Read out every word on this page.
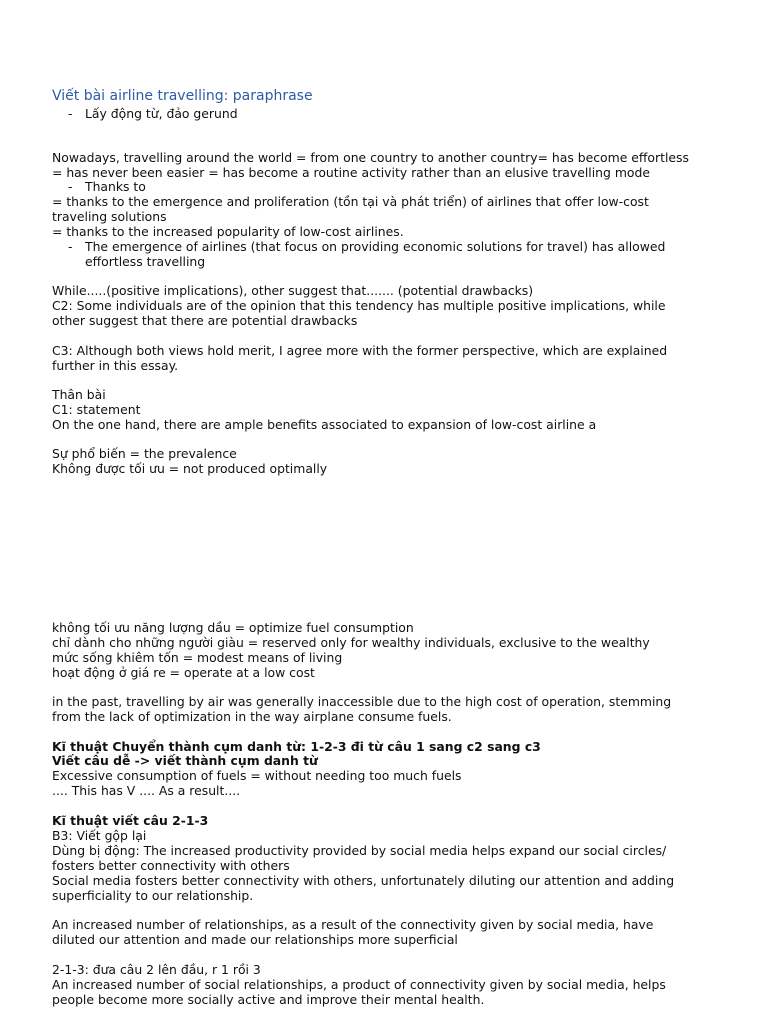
Viết bài airline travelling: paraphrase
- Lấy động từ, đảo gerund
Nowadays, travelling around the world = from one country to another country= has become effortless
= has never been easier = has become a routine activity rather than an elusive travelling mode
- Thanks to
= thanks to the emergence and proliferation (tồn tại và phát triển) of airlines that offer low-cost
traveling solutions
= thanks to the increased popularity of low-cost airlines.
- The emergence of airlines (that focus on providing economic solutions for travel) has allowed
effortless travelling
While.....(positive implications), other suggest that....... (potential drawbacks)
C2: Some individuals are of the opinion that this tendency has multiple positive implications, while
other suggest that there are potential drawbacks
C3: Although both views hold merit, I agree more with the former perspective, which are explained
further in this essay.
Thân bài
C1: statement
On the one hand, there are ample benefits associated to expansion of low-cost airline a
Sự phổ biến = the prevalence
Không được tối ưu = not produced optimally
không tối ưu năng lượng dầu = optimize fuel consumption
chỉ dành cho những người giàu = reserved only for wealthy individuals, exclusive to the wealthy
mức sống khiêm tốn = modest means of living
hoạt động ở giá re = operate at a low cost
in the past, travelling by air was generally inaccessible due to the high cost of operation, stemming
from the lack of optimization in the way airplane consume fuels.
Kĩ thuật Chuyển thành cụm danh từ: 1-2-3 đi từ câu 1 sang c2 sang c3
Viết câu dễ -> viết thành cụm danh từ
Excessive consumption of fuels = without needing too much fuels
.... This has V .... As a result....
Kĩ thuật viết câu 2-1-3
B3: Viết gộp lại
Dùng bị động: The increased productivity provided by social media helps expand our social circles/
fosters better connectivity with others
Social media fosters better connectivity with others, unfortunately diluting our attention and adding
superficiality to our relationship.
An increased number of relationships, as a result of the connectivity given by social media, have
diluted our attention and made our relationships more superficial
2-1-3: đưa câu 2 lên đầu, r 1 rồi 3
An increased number of social relationships, a product of connectivity given by social media, helps
people become more socially active and improve their mental health.
